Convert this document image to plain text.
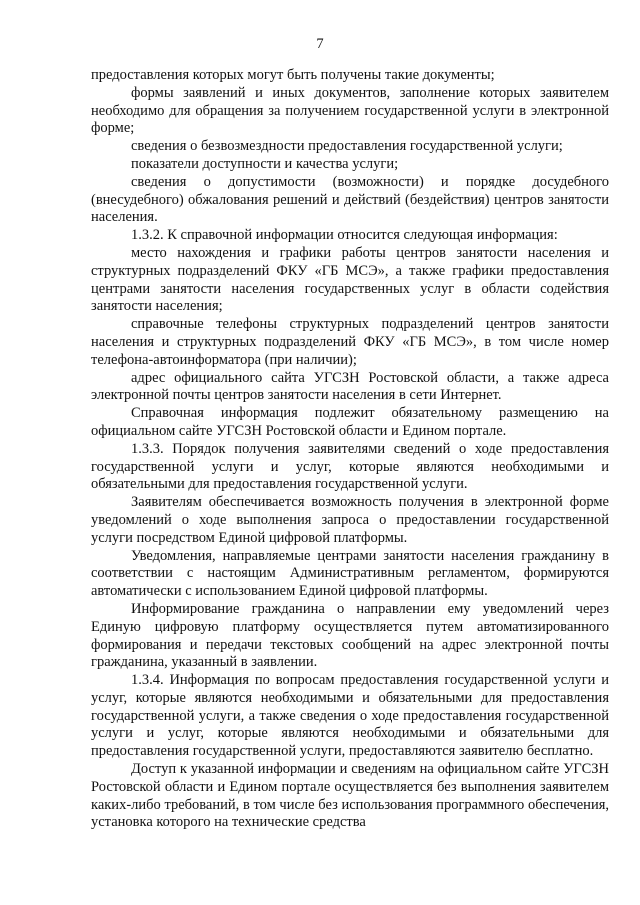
7

предоставления которых могут быть получены такие документы;

формы заявлений и иных документов, заполнение которых заявителем необходимо для обращения за получением государственной услуги в электронной форме;

сведения о безвозмездности предоставления государственной услуги;

показатели доступности и качества услуги;

сведения о допустимости (возможности) и порядке досудебного (внесудебного) обжалования решений и действий (бездействия) центров занятости населения.

1.3.2. К справочной информации относится следующая информация:

место нахождения и графики работы центров занятости населения и структурных подразделений ФКУ «ГБ МСЭ», а также графики предоставления центрами занятости населения государственных услуг в области содействия занятости населения;

справочные телефоны структурных подразделений центров занятости населения и структурных подразделений ФКУ «ГБ МСЭ», в том числе номер телефона-автоинформатора (при наличии);

адрес официального сайта УГСЗН Ростовской области, а также адреса электронной почты центров занятости населения в сети Интернет.

Справочная информация подлежит обязательному размещению на официальном сайте УГСЗН Ростовской области и Едином портале.

1.3.3. Порядок получения заявителями сведений о ходе предоставления государственной услуги и услуг, которые являются необходимыми и обязательными для предоставления государственной услуги.

Заявителям обеспечивается возможность получения в электронной форме уведомлений о ходе выполнения запроса о предоставлении государственной услуги посредством Единой цифровой платформы.

Уведомления, направляемые центрами занятости населения гражданину в соответствии с настоящим Административным регламентом, формируются автоматически с использованием Единой цифровой платформы.

Информирование гражданина о направлении ему уведомлений через Единую цифровую платформу осуществляется путем автоматизированного формирования и передачи текстовых сообщений на адрес электронной почты гражданина, указанный в заявлении.

1.3.4. Информация по вопросам предоставления государственной услуги и услуг, которые являются необходимыми и обязательными для предоставления государственной услуги, а также сведения о ходе предоставления государственной услуги и услуг, которые являются необходимыми и обязательными для предоставления государственной услуги, предоставляются заявителю бесплатно.

Доступ к указанной информации и сведениям на официальном сайте УГСЗН Ростовской области и Едином портале осуществляется без выполнения заявителем каких-либо требований, в том числе без использования программного обеспечения, установка которого на технические средства
